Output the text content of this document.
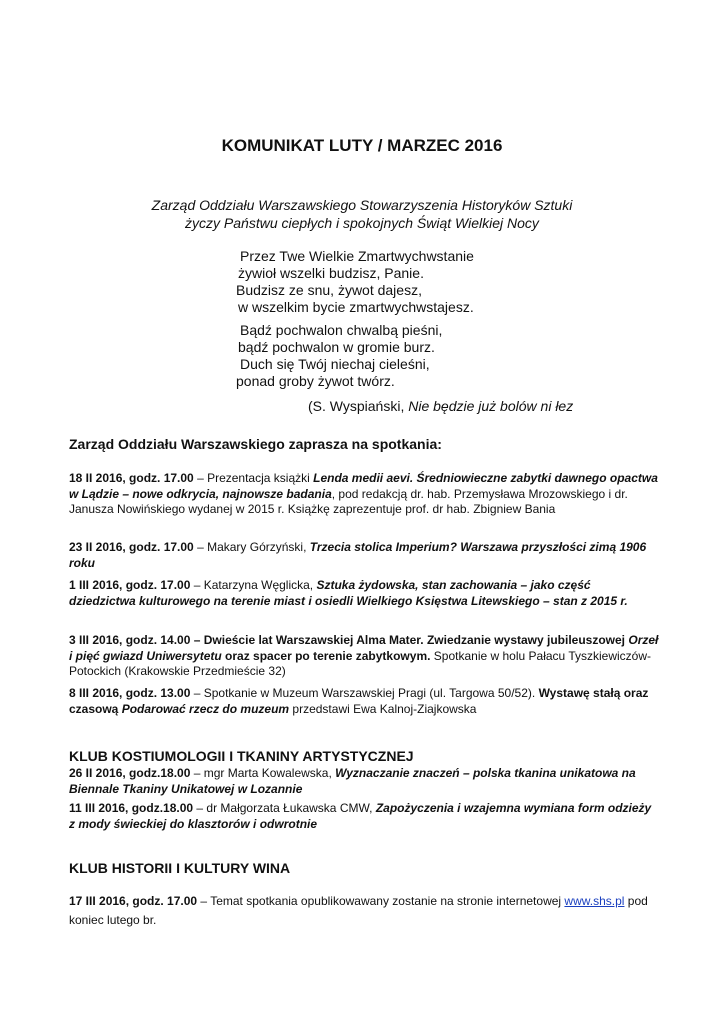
KOMUNIKAT LUTY / MARZEC 2016
Zarząd Oddziału Warszawskiego Stowarzyszenia Historyków Sztuki
życzy Państwu ciepłych i spokojnych Świąt Wielkiej Nocy
Przez Twe Wielkie Zmartwychwstanie
żywioł wszelki budzisz, Panie.
Budzisz ze snu, żywot dajesz,
w wszelkim bycie zmartwychwstajesz.
Bądź pochwalon chwalbą pieśni,
bądź pochwalon w gromie burz.
Duch się Twój niechaj cieleśni,
ponad groby żywot twórz.
(S. Wyspiański, Nie będzie już bolów ni łez
Zarząd Oddziału Warszawskiego zaprasza na spotkania:
18 II 2016, godz. 17.00 – Prezentacja książki Lenda medii aevi. Średniowieczne zabytki dawnego opactwa w Lądzie – nowe odkrycia, najnowsze badania, pod redakcją dr. hab. Przemysława Mrozowskiego i dr. Janusza Nowińskiego wydanej w 2015 r. Książkę zaprezentuje prof. dr hab. Zbigniew Bania
23 II 2016, godz. 17.00 – Makary Górzyński, Trzecia stolica Imperium? Warszawa przyszłości zimą 1906 roku
1 III 2016, godz. 17.00 – Katarzyna Węglicka, Sztuka żydowska, stan zachowania – jako część dziedzictwa kulturowego na terenie miast i osiedli Wielkiego Księstwa Litewskiego – stan z 2015 r.
3 III 2016, godz. 14.00 – Dwieście lat Warszawskiej Alma Mater. Zwiedzanie wystawy jubileuszowej Orzeł i pięć gwiazd Uniwersytetu oraz spacer po terenie zabytkowym. Spotkanie w holu Pałacu Tyszkiewiczów-Potockich (Krakowskie Przedmieście 32)
8 III 2016, godz. 13.00 – Spotkanie w Muzeum Warszawskiej Pragi (ul. Targowa 50/52). Wystawę stałą oraz czasową Podarować rzecz do muzeum przedstawi Ewa Kalnoj-Ziajkowska
KLUB KOSTIUMOLOGII I TKANINY ARTYSTYCZNEJ
26 II 2016, godz.18.00 – mgr Marta Kowalewska, Wyznaczanie znaczeń – polska tkanina unikatowa na Biennale Tkaniny Unikatowej w Lozannie
11 III 2016, godz.18.00 – dr Małgorzata Łukawska CMW, Zapożyczenia i wzajemna wymiana form odzieży z mody świeckiej do klasztorów i odwrotnie
KLUB HISTORII I KULTURY WINA
17 III 2016, godz. 17.00 – Temat spotkania opublikowawany zostanie na stronie internetowej www.shs.pl pod koniec lutego br.
